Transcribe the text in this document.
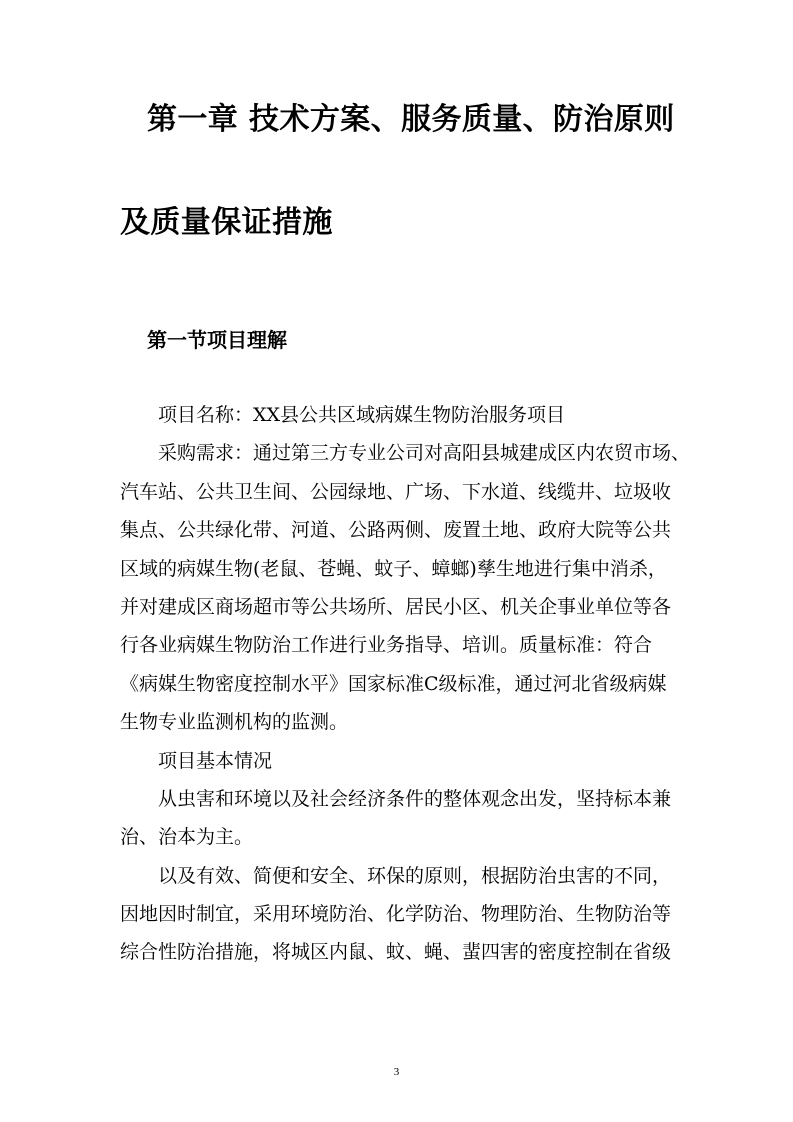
第一章 技术方案、服务质量、防治原则
及质量保证措施
第一节项目理解
项目名称：XX县公共区域病媒生物防治服务项目
采购需求：通过第三方专业公司对高阳县城建成区内农贸市场、
汽车站、公共卫生间、公园绿地、广场、下水道、线缆井、垃圾收
集点、公共绿化带、河道、公路两侧、废置土地、政府大院等公共
区域的病媒生物(老鼠、苍蝇、蚊子、蟑螂)孳生地进行集中消杀，
并对建成区商场超市等公共场所、居民小区、机关企事业单位等各
行各业病媒生物防治工作进行业务指导、培训。质量标准：符合
《病媒生物密度控制水平》国家标准C级标准，通过河北省级病媒
生物专业监测机构的监测。
项目基本情况
从虫害和环境以及社会经济条件的整体观念出发，坚持标本兼
治、治本为主。
以及有效、简便和安全、环保的原则，根据防治虫害的不同，
因地因时制宜，采用环境防治、化学防治、物理防治、生物防治等
综合性防治措施，将城区内鼠、蚊、蝇、蜚四害的密度控制在省级
3
